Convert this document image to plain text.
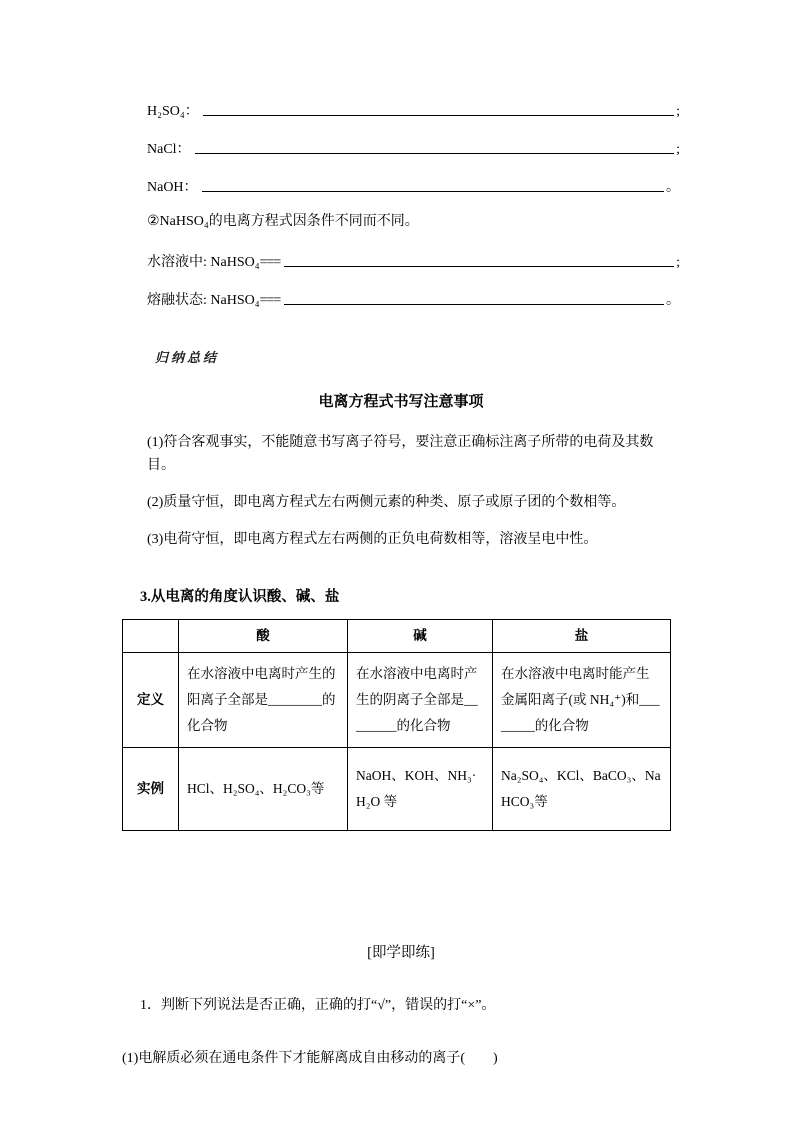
H₂SO₄：	;
NaCl：	;
NaOH：	。

②NaHSO₄的电离方程式因条件不同而不同。

水溶液中: NaHSO₄ ===	;
熔融状态: NaHSO₄ ===	。
归纳总结
电离方程式书写注意事项

(1)符合客观事实，不能随意书写离子符号，要注意正确标注离子所带的电荷及其数目。

(2)质量守恒，即电离方程式左右两侧元素的种类、原子或原子团的个数相等。

(3)电荷守恒，即电离方程式左右两侧的正负电荷数相等，溶液呈电中性。

3.从电离的角度认识酸、碱、盐
	酸	碱	盐
定义	在水溶液中电离时产生的阳离子全部是________的化合物	在水溶液中电离时产生的阴离子全部是________的化合物	在水溶液中电离时能产生金属阳离子(或 NH₄⁺)和________的化合物
实例	HCl、H₂SO₄、H₂CO₃等	NaOH、KOH、NH₃·H₂O 等	Na₂SO₄、KCl、BaCO₃、NaHCO₃等
[即学即练]

1．判断下列说法是否正确，正确的打“√”，错误的打“×”。

(1)电解质必须在通电条件下才能解离成自由移动的离子(　　)
